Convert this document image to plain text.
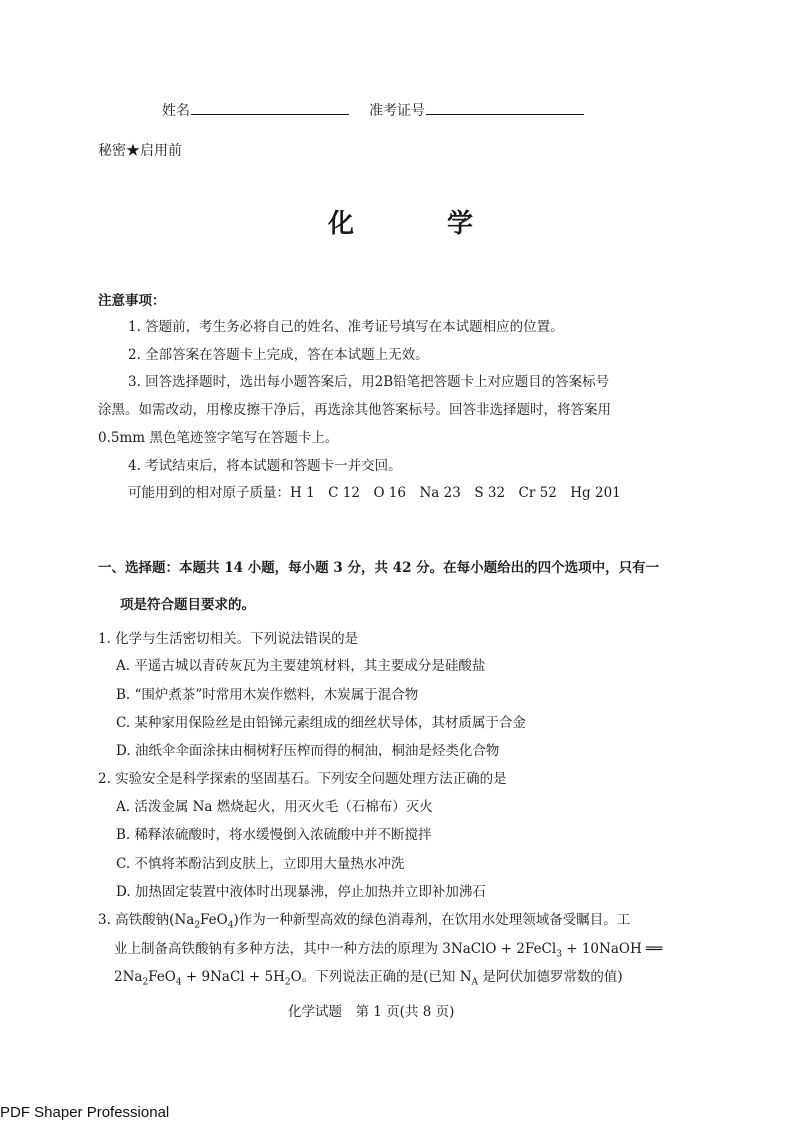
姓名	准考证号
秘密★启用前
化 学
注意事项：
1. 答题前，考生务必将自己的姓名、准考证号填写在本试题相应的位置。
2. 全部答案在答题卡上完成，答在本试题上无效。
3. 回答选择题时，选出每小题答案后，用2B铅笔把答题卡上对应题目的答案标号
涂黑。如需改动，用橡皮擦干净后，再选涂其他答案标号。回答非选择题时，将答案用
0.5mm 黑色笔迹签字笔写在答题卡上。
4. 考试结束后，将本试题和答题卡一并交回。
可能用到的相对原子质量：H 1　C 12　O 16　Na 23　S 32　Cr 52　Hg 201
一、选择题：本题共 14 小题，每小题 3 分，共 42 分。在每小题给出的四个选项中，只有一
项是符合题目要求的。
1. 化学与生活密切相关。下列说法错误的是
A. 平遥古城以青砖灰瓦为主要建筑材料，其主要成分是硅酸盐
B. “围炉煮茶”时常用木炭作燃料，木炭属于混合物
C. 某种家用保险丝是由铅锑元素组成的细丝状导体，其材质属于合金
D. 油纸伞伞面涂抹由桐树籽压榨而得的桐油，桐油是烃类化合物
2. 实验安全是科学探索的坚固基石。下列安全问题处理方法正确的是
A. 活泼金属 Na 燃烧起火，用灭火毛（石棉布）灭火
B. 稀释浓硫酸时，将水缓慢倒入浓硫酸中并不断搅拌
C. 不慎将苯酚沾到皮肤上，立即用大量热水冲洗
D. 加热固定装置中液体时出现暴沸，停止加热并立即补加沸石
3. 高铁酸钠$(Na_2FeO_4)$作为一种新型高效的绿色消毒剂，在饮用水处理领域备受瞩目。工
业上制备高铁酸钠有多种方法，其中一种方法的原理为 3NaClO + 2FeCl$_3$ + 10NaOH ══
$2Na_2FeO_4$ + 9NaCl + $5H_2O$。下列说法正确的是(已知 $N_A$ 是阿伏加德罗常数的值)
化学试题　第 1 页(共 8 页)
PDF Shaper Professional
